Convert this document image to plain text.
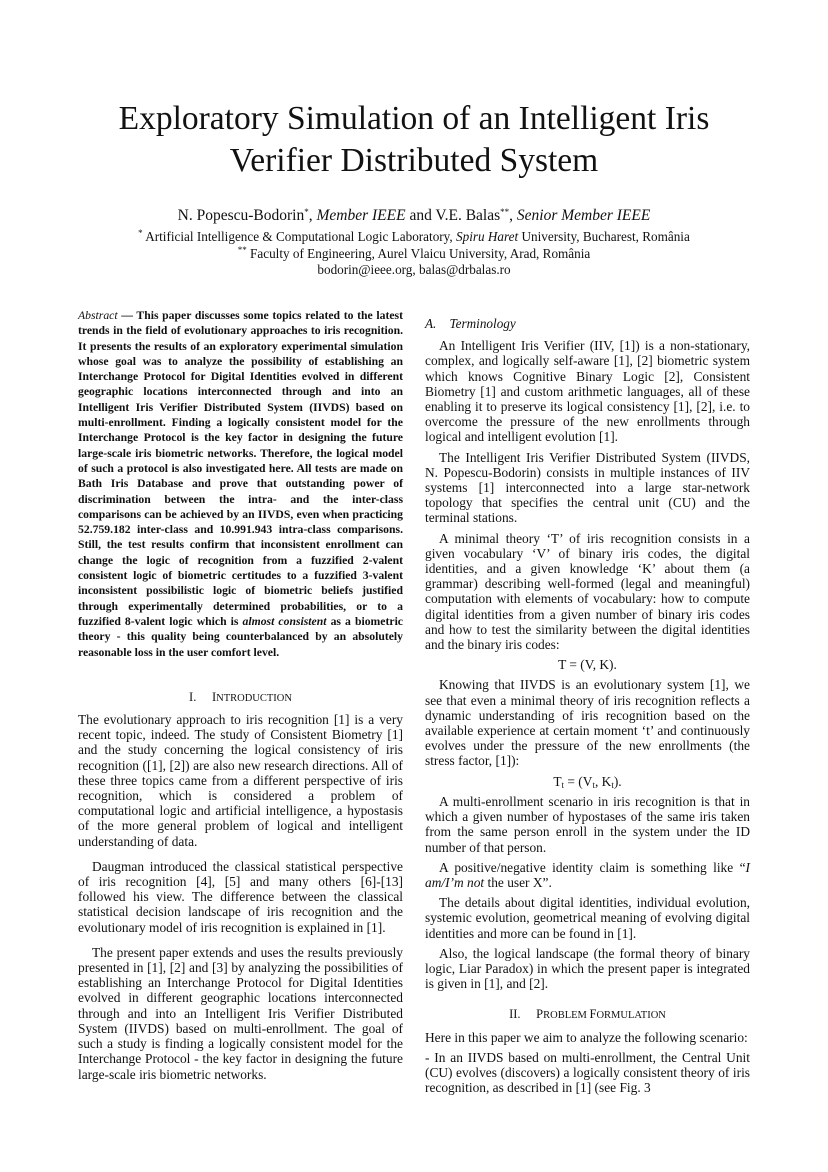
Exploratory Simulation of an Intelligent Iris
Verifier Distributed System
N. Popescu-Bodorin*, Member IEEE and V.E. Balas**, Senior Member IEEE
* Artificial Intelligence & Computational Logic Laboratory, Spiru Haret University, Bucharest, România
** Faculty of Engineering, Aurel Vlaicu University, Arad, România
bodorin@ieee.org, balas@drbalas.ro
Abstract — This paper discusses some topics related to the latest trends in the field of evolutionary approaches to iris recognition. It presents the results of an exploratory experimental simulation whose goal was to analyze the possibility of establishing an Interchange Protocol for Digital Identities evolved in different geographic locations interconnected through and into an Intelligent Iris Verifier Distributed System (IIVDS) based on multi-enrollment. Finding a logically consistent model for the Interchange Protocol is the key factor in designing the future large-scale iris biometric networks. Therefore, the logical model of such a protocol is also investigated here. All tests are made on Bath Iris Database and prove that outstanding power of discrimination between the intra- and the inter-class comparisons can be achieved by an IIVDS, even when practicing 52.759.182 inter-class and 10.991.943 intra-class comparisons. Still, the test results confirm that inconsistent enrollment can change the logic of recognition from a fuzzified 2-valent consistent logic of biometric certitudes to a fuzzified 3-valent inconsistent possibilistic logic of biometric beliefs justified through experimentally determined probabilities, or to a fuzzified 8-valent logic which is almost consistent as a biometric theory - this quality being counterbalanced by an absolutely reasonable loss in the user comfort level.
I. INTRODUCTION

The evolutionary approach to iris recognition [1] is a very recent topic, indeed. The study of Consistent Biometry [1] and the study concerning the logical consistency of iris recognition ([1], [2]) are also new research directions. All of these three topics came from a different perspective of iris recognition, which is considered a problem of computational logic and artificial intelligence, a hypostasis of the more general problem of logical and intelligent understanding of data.

Daugman introduced the classical statistical perspective of iris recognition [4], [5] and many others [6]-[13] followed his view. The difference between the classical statistical decision landscape of iris recognition and the evolutionary model of iris recognition is explained in [1].

The present paper extends and uses the results previously presented in [1], [2] and [3] by analyzing the possibilities of establishing an Interchange Protocol for Digital Identities evolved in different geographic locations interconnected through and into an Intelligent Iris Verifier Distributed System (IIVDS) based on multi-enrollment. The goal of such a study is finding a logically consistent model for the Interchange Protocol - the key factor in designing the future large-scale iris biometric networks.

A. Terminology

An Intelligent Iris Verifier (IIV, [1]) is a non-stationary, complex, and logically self-aware [1], [2] biometric system which knows Cognitive Binary Logic [2], Consistent Biometry [1] and custom arithmetic languages, all of these enabling it to preserve its logical consistency [1], [2], i.e. to overcome the pressure of the new enrollments through logical and intelligent evolution [1].

The Intelligent Iris Verifier Distributed System (IIVDS, N. Popescu-Bodorin) consists in multiple instances of IIV systems [1] interconnected into a large star-network topology that specifies the central unit (CU) and the terminal stations.

A minimal theory ‘T’ of iris recognition consists in a given vocabulary ‘V’ of binary iris codes, the digital identities, and a given knowledge ‘K’ about them (a grammar) describing well-formed (legal and meaningful) computation with elements of vocabulary: how to compute digital identities from a given number of binary iris codes and how to test the similarity between the digital identities and the binary iris codes:

T = (V, K).

Knowing that IIVDS is an evolutionary system [1], we see that even a minimal theory of iris recognition reflects a dynamic understanding of iris recognition based on the available experience at certain moment ‘t’ and continuously evolves under the pressure of the new enrollments (the stress factor, [1]):

$T_t = (V_t$, $K_t$).

A multi-enrollment scenario in iris recognition is that in which a given number of hypostases of the same iris taken from the same person enroll in the system under the ID number of that person.

A positive/negative identity claim is something like “I am/I’m not the user X”.

The details about digital identities, individual evolution, systemic evolution, geometrical meaning of evolving digital identities and more can be found in [1].

Also, the logical landscape (the formal theory of binary logic, Liar Paradox) in which the present paper is integrated is given in [1], and [2].

II. PROBLEM FORMULATION

Here in this paper we aim to analyze the following scenario:

- In an IIVDS based on multi-enrollment, the Central Unit (CU) evolves (discovers) a logically consistent theory of iris recognition, as described in [1] (see Fig. 3
